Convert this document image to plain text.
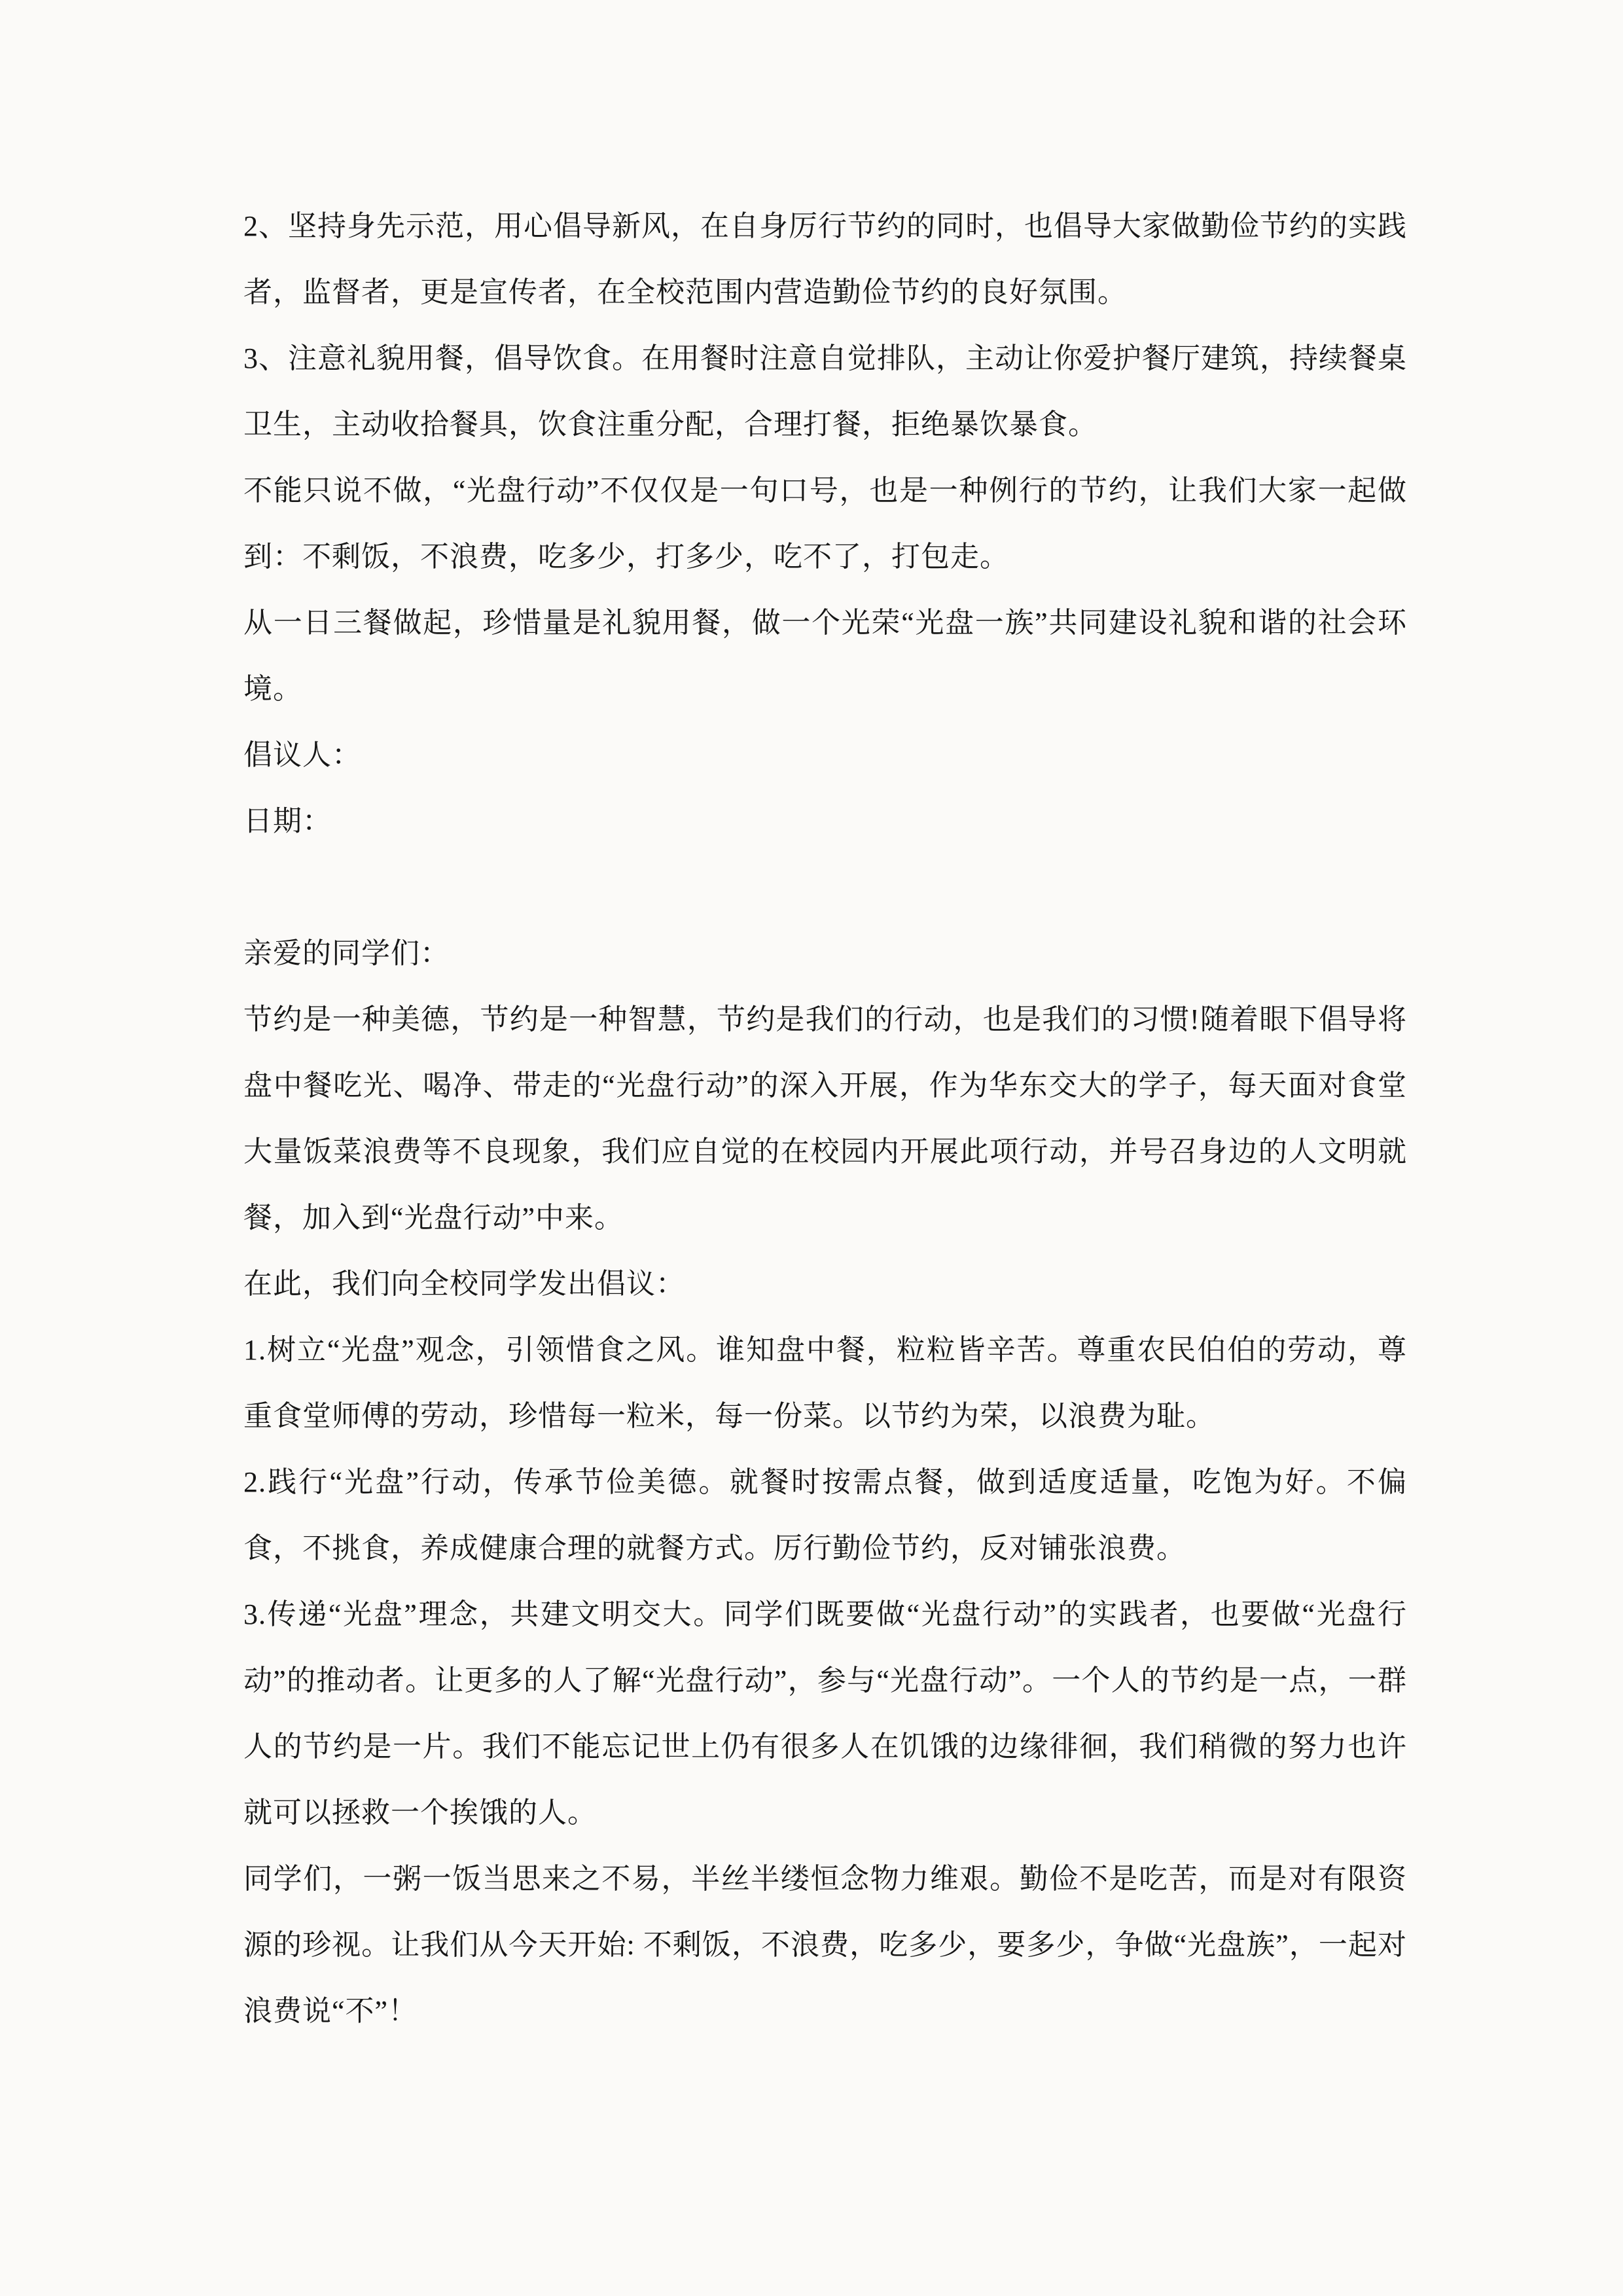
2、坚持身先示范，用心倡导新风，在自身厉行节约的同时，也倡导大家做勤俭节约的实践者，监督者，更是宣传者，在全校范围内营造勤俭节约的良好氛围。

3、注意礼貌用餐，倡导饮食。在用餐时注意自觉排队，主动让你爱护餐厅建筑，持续餐桌卫生，主动收拾餐具，饮食注重分配，合理打餐，拒绝暴饮暴食。

不能只说不做，“光盘行动”不仅仅是一句口号，也是一种例行的节约，让我们大家一起做到：不剩饭，不浪费，吃多少，打多少，吃不了，打包走。

从一日三餐做起，珍惜量是礼貌用餐，做一个光荣“光盘一族”共同建设礼貌和谐的社会环境。

倡议人：

日期：

亲爱的同学们：

节约是一种美德，节约是一种智慧，节约是我们的行动，也是我们的习惯!随着眼下倡导将盘中餐吃光、喝净、带走的“光盘行动”的深入开展，作为华东交大的学子，每天面对食堂大量饭菜浪费等不良现象，我们应自觉的在校园内开展此项行动，并号召身边的人文明就餐，加入到“光盘行动”中来。

在此，我们向全校同学发出倡议：

1.树立“光盘”观念，引领惜食之风。谁知盘中餐，粒粒皆辛苦。尊重农民伯伯的劳动，尊重食堂师傅的劳动，珍惜每一粒米，每一份菜。以节约为荣，以浪费为耻。

2.践行“光盘”行动，传承节俭美德。就餐时按需点餐，做到适度适量，吃饱为好。不偏食，不挑食，养成健康合理的就餐方式。厉行勤俭节约，反对铺张浪费。

3.传递“光盘”理念，共建文明交大。同学们既要做“光盘行动”的实践者，也要做“光盘行动”的推动者。让更多的人了解“光盘行动”，参与“光盘行动”。一个人的节约是一点，一群人的节约是一片。我们不能忘记世上仍有很多人在饥饿的边缘徘徊，我们稍微的努力也许就可以拯救一个挨饿的人。

同学们，一粥一饭当思来之不易，半丝半缕恒念物力维艰。勤俭不是吃苦，而是对有限资源的珍视。让我们从今天开始: 不剩饭，不浪费，吃多少，要多少，争做“光盘族”，一起对浪费说“不”！
